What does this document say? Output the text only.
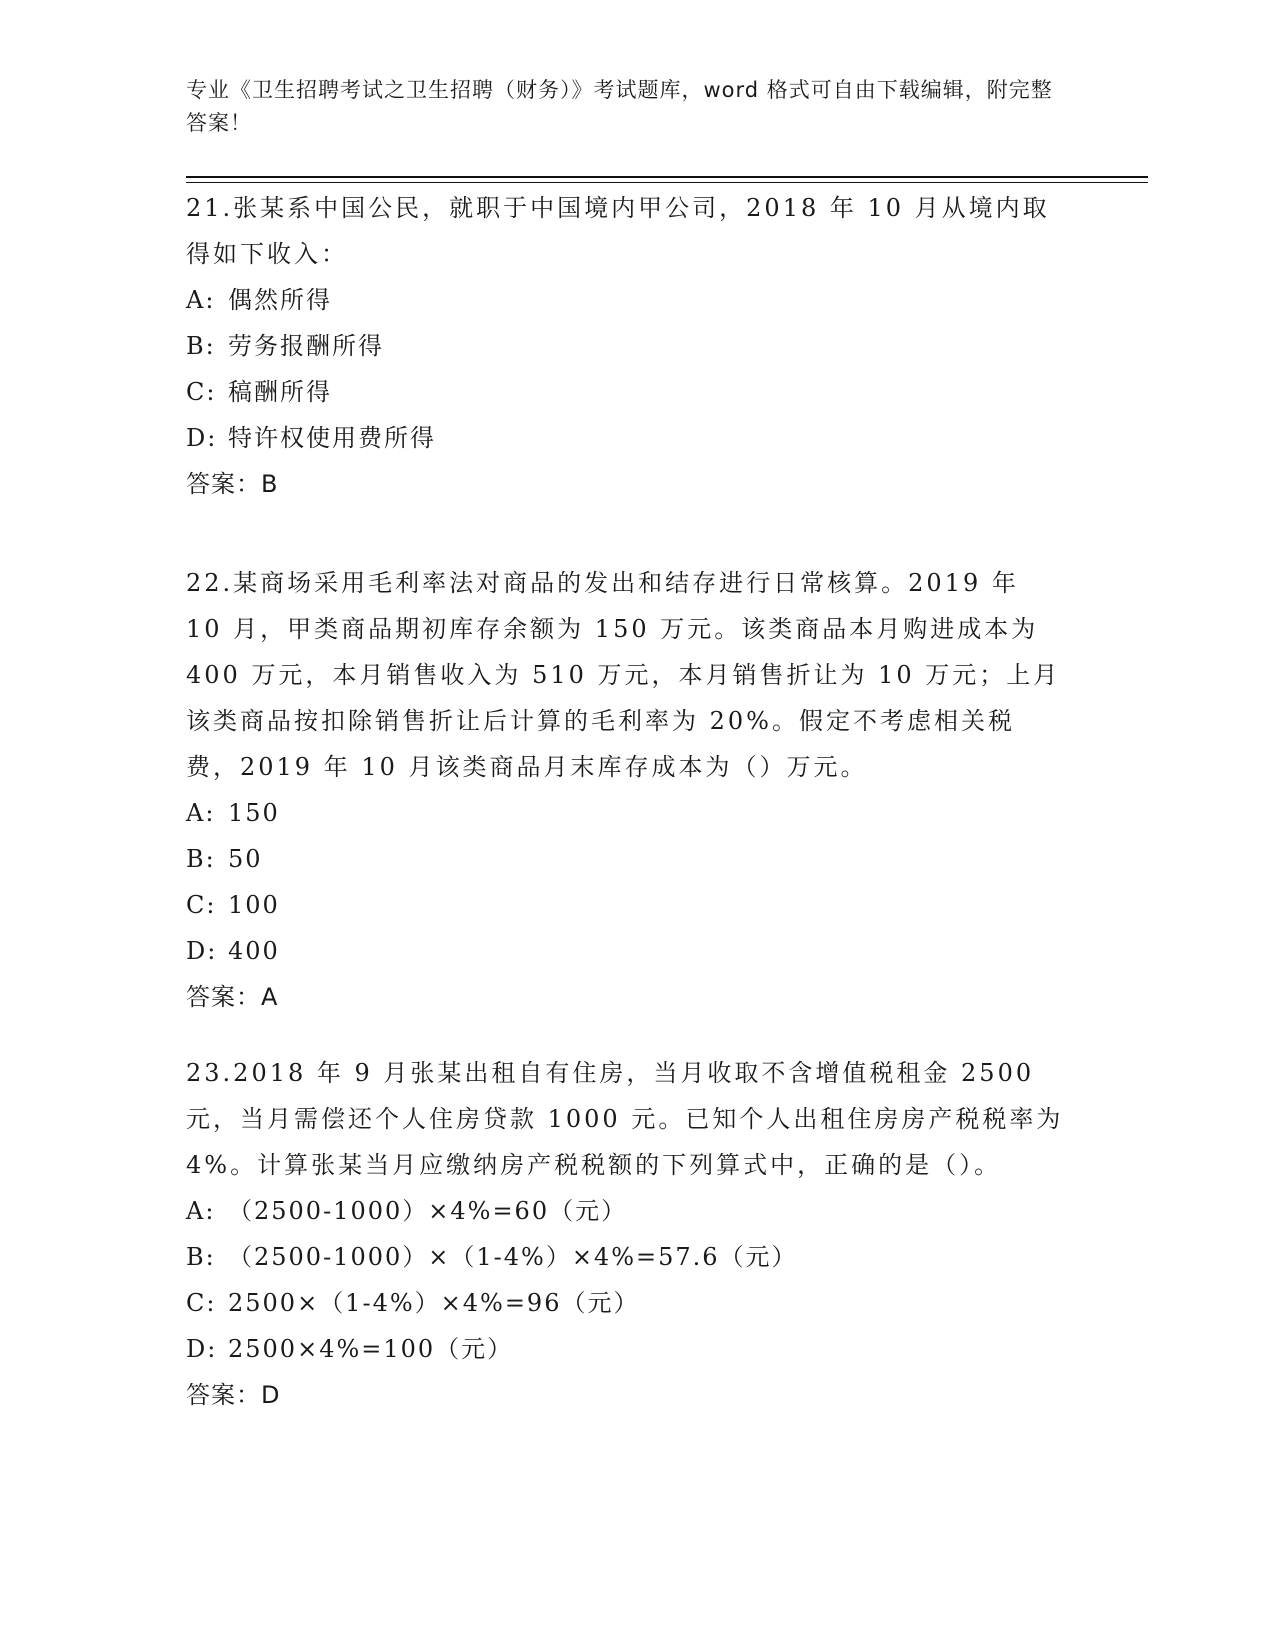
专业《卫生招聘考试之卫生招聘（财务）》考试题库，word 格式可自由下载编辑，附完整答案！

21.张某系中国公民，就职于中国境内甲公司，2018 年 10 月从境内取得如下收入：

A: 偶然所得

B: 劳务报酬所得

C: 稿酬所得

D: 特许权使用费所得

答案：B

22.某商场采用毛利率法对商品的发出和结存进行日常核算。2019 年 10 月，甲类商品期初库存余额为 150 万元。该类商品本月购进成本为 400 万元，本月销售收入为 510 万元，本月销售折让为 10 万元；上月该类商品按扣除销售折让后计算的毛利率为 20%。假定不考虑相关税费，2019 年 10 月该类商品月末库存成本为（）万元。

A: 150

B: 50

C: 100

D: 400

答案：A

23.2018 年 9 月张某出租自有住房，当月收取不含增值税租金 2500 元，当月需偿还个人住房贷款 1000 元。已知个人出租住房房产税税率为 4%。计算张某当月应缴纳房产税税额的下列算式中，正确的是（）。

A: （2500-1000）×4%=60（元）

B: （2500-1000）×（1-4%）×4%=57.6（元）

C: 2500×（1-4%）×4%=96（元）

D: 2500×4%=100（元）

答案：D
